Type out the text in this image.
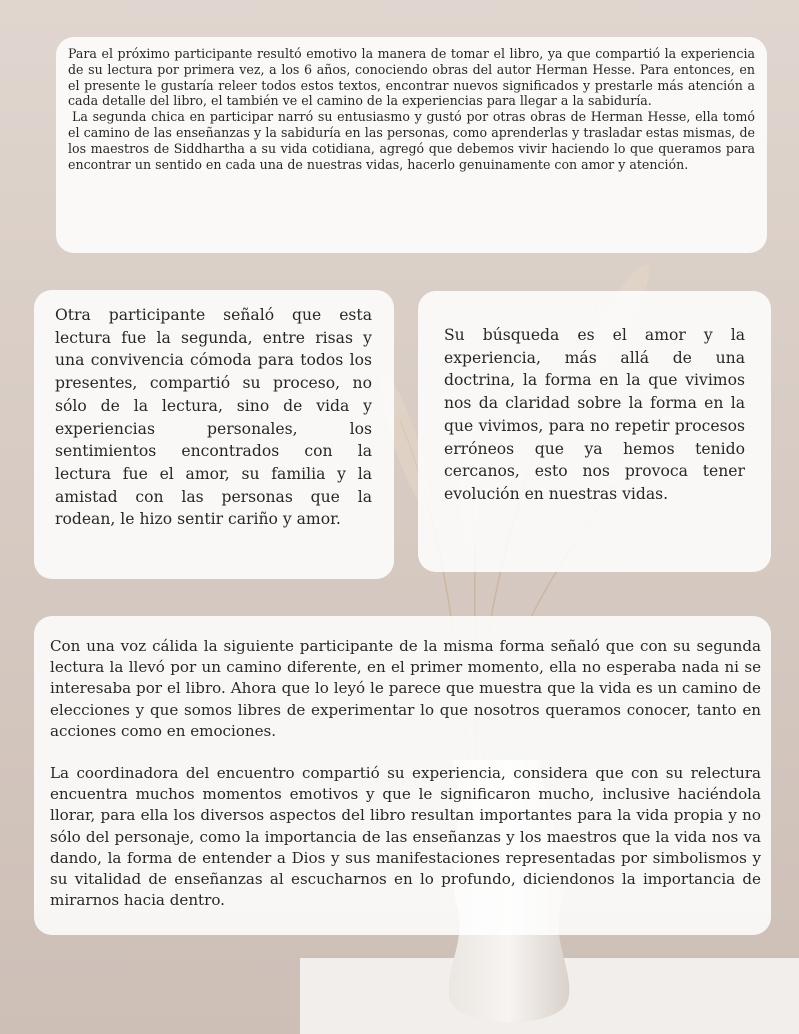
Para el próximo participante resultó emotivo la manera de tomar el libro, ya que compartió la experiencia de su lectura por primera vez, a los 6 años, conociendo obras del autor Herman Hesse. Para entonces, en el presente le gustaría releer todos estos textos, encontrar nuevos significados y prestarle más atención a cada detalle del libro, el también ve el camino de la experiencias para llegar a la sabiduría.

La segunda chica en participar narró su entusiasmo y gustó por otras obras de Herman Hesse, ella tomó el camino de las enseñanzas y la sabiduría en las personas, como aprenderlas y trasladar estas mismas, de los maestros de Siddhartha a su vida cotidiana, agregó que debemos vivir haciendo lo que queramos para encontrar un sentido en cada una de nuestras vidas, hacerlo genuinamente con amor y atención.

Otra participante señaló que esta lectura fue la segunda, entre risas y una convivencia cómoda para todos los presentes, compartió su proceso, no sólo de la lectura, sino de vida y experiencias personales, los sentimientos encontrados con la lectura fue el amor, su familia y la amistad con las personas que la rodean, le hizo sentir cariño y amor.

Su búsqueda es el amor y la experiencia, más allá de una doctrina, la forma en la que vivimos nos da claridad sobre la forma en la que vivimos, para no repetir procesos erróneos que ya hemos tenido cercanos, esto nos provoca tener evolución en nuestras vidas.

Con una voz cálida la siguiente participante de la misma forma señaló que con su segunda lectura la llevó por un camino diferente, en el primer momento, ella no esperaba nada ni se interesaba por el libro. Ahora que lo leyó le parece que muestra que la vida es un camino de elecciones y que somos libres de experimentar lo que nosotros queramos conocer, tanto en acciones como en emociones.

La coordinadora del encuentro compartió su experiencia, considera que con su relectura encuentra muchos momentos emotivos y que le significaron mucho, inclusive haciéndola llorar, para ella los diversos aspectos del libro resultan importantes para la vida propia y no sólo del personaje, como la importancia de las enseñanzas y los maestros que la vida nos va dando, la forma de entender a Dios y sus manifestaciones representadas por simbolismos y su vitalidad de enseñanzas al escucharnos en lo profundo, diciendonos la importancia de mirarnos hacia dentro.
